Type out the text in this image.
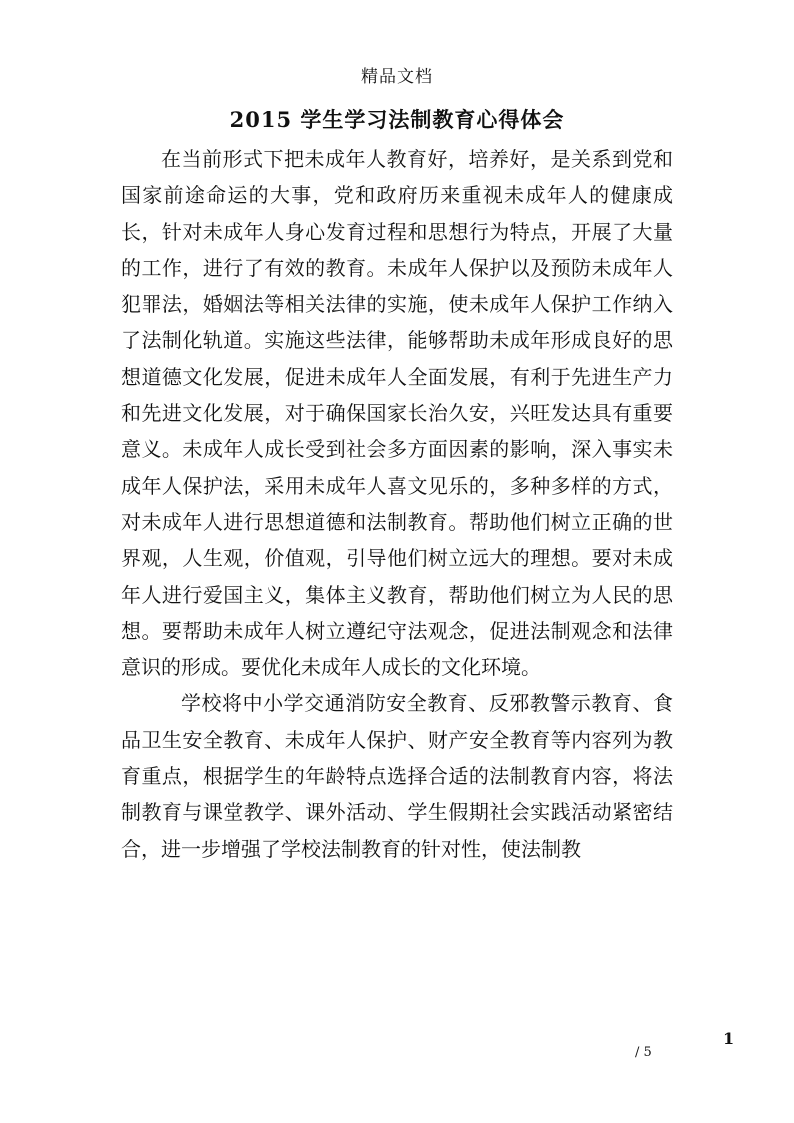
精品文档
2015 学生学习法制教育心得体会

在当前形式下把未成年人教育好，培养好，是关系到党和国家前途命运的大事，党和政府历来重视未成年人的健康成长，针对未成年人身心发育过程和思想行为特点，开展了大量的工作，进行了有效的教育。未成年人保护以及预防未成年人犯罪法，婚姻法等相关法律的实施，使未成年人保护工作纳入了法制化轨道。实施这些法律，能够帮助未成年形成良好的思想道德文化发展，促进未成年人全面发展，有利于先进生产力和先进文化发展，对于确保国家长治久安，兴旺发达具有重要意义。未成年人成长受到社会多方面因素的影响，深入事实未成年人保护法，采用未成年人喜文见乐的，多种多样的方式，对未成年人进行思想道德和法制教育。帮助他们树立正确的世界观，人生观，价值观，引导他们树立远大的理想。要对未成年人进行爱国主义，集体主义教育，帮助他们树立为人民的思想。要帮助未成年人树立遵纪守法观念，促进法制观念和法律意识的形成。要优化未成年人成长的文化环境。

学校将中小学交通消防安全教育、反邪教警示教育、食品卫生安全教育、未成年人保护、财产安全教育等内容列为教育重点，根据学生的年龄特点选择合适的法制教育内容，将法制教育与课堂教学、课外活动、学生假期社会实践活动紧密结合，进一步增强了学校法制教育的针对性，使法制教

1
/ 5
